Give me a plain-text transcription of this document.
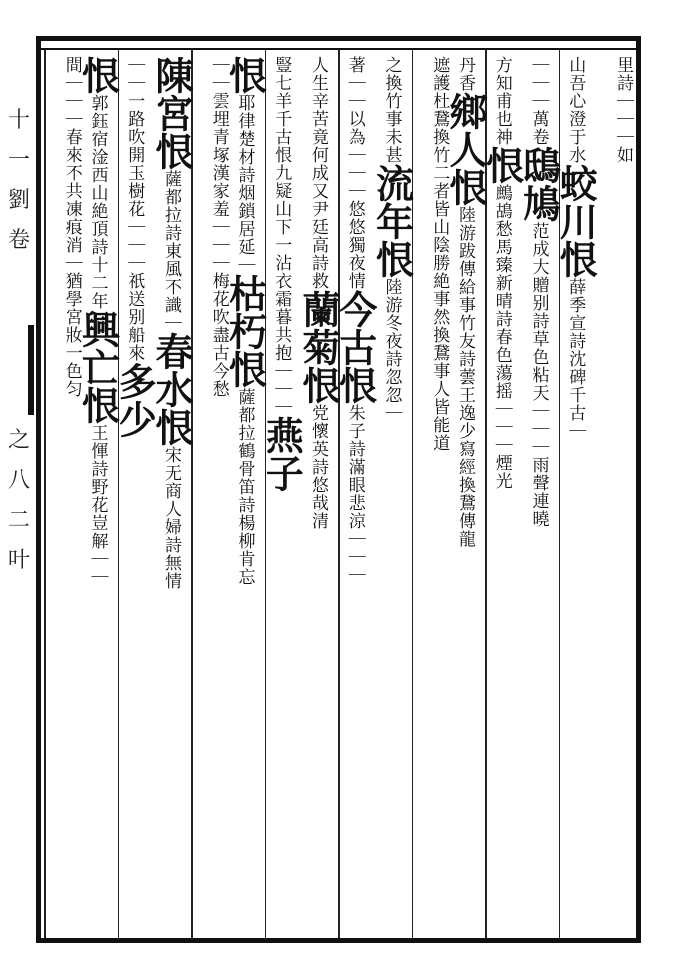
十
一
劉
卷
之
八
二
叶
里詩｜｜｜如
山吾心澄于水蛟川恨薛季宣詩沈碑千古｜
｜｜｜萬卷鴟鳩范成大贈别詩草色粘天｜｜｜雨聲連曉
方知甫也神恨鷓鴣愁馬臻新晴詩春色蕩摇｜｜｜煙光
丹香鄉人恨陸游跋傳給事竹友詩蕓王逸少寫經換鵞傳龍
遮護杜鵞換竹二者皆山陰勝絶事然換鵞事人皆能道
之換竹事未甚流年恨陸游冬夜詩忽忽｜
著｜｜以為｜｜｜悠悠獨夜情今古恨朱子詩滿眼悲涼｜｜｜
人生辛苦竟何成又尹廷高詩救蘭菊恨党懷英詩悠哉清
豎七羊千古恨九疑山下一沾衣霜暮共抱｜｜｜燕子
恨耶律楚材詩烟鎖居延｜枯朽恨薩都拉鶴骨笛詩楊柳肯忘
｜｜雲埋青塚漢家羞｜｜｜梅花吹盡古今愁
陳宮恨薩都拉詩東風不識｜春水恨宋无商人婦詩無情
｜｜一路吹開玉樹花｜｜｜祇送别船來多少
恨郭鈺宿淦西山絶頂詩十二年興亡恨王惲詩野花豈解｜｜
間｜｜｜春來不共凍痕消｜猶學宮妝一色匀
